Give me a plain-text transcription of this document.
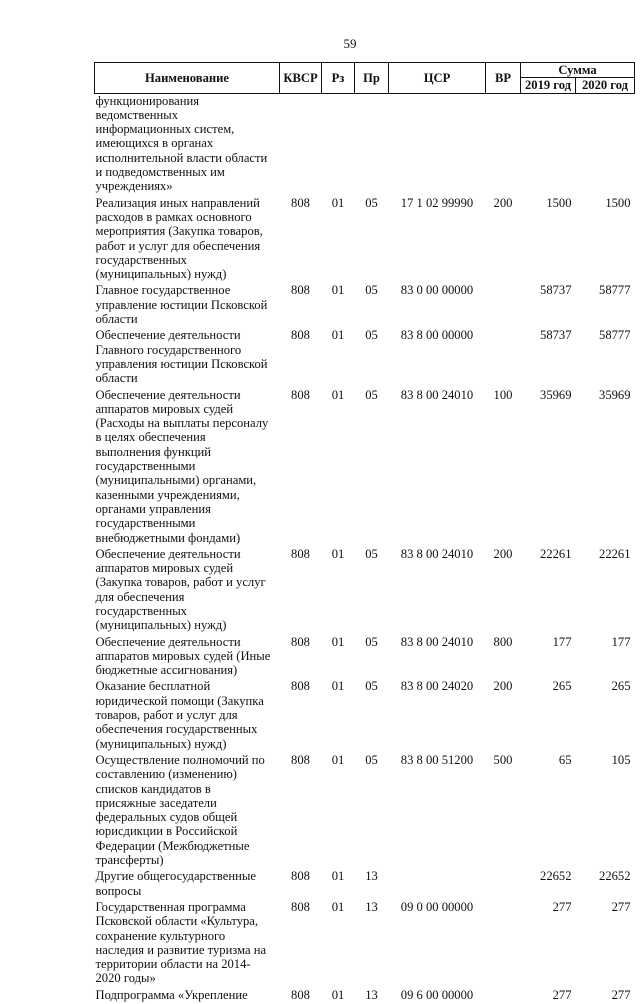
59
Наименование	КВСР	Рз	Пр	ЦСР	ВР	Сумма	
						2019 год	2020 год
функционирования ведомственных информационных систем, имеющихся в органах исполнительной власти области и подведомственных им учреждениях»							
Реализация иных направлений расходов в рамках основного мероприятия (Закупка товаров, работ и услуг для обеспечения государственных (муниципальных) нужд)	808	01	05	17 1 02 99990	200	1500	1500
Главное государственное управление юстиции Псковской области	808	01	05	83 0 00 00000		58737	58777
Обеспечение деятельности Главного государственного управления юстиции Псковской области	808	01	05	83 8 00 00000		58737	58777
Обеспечение деятельности аппаратов мировых судей (Расходы на выплаты персоналу в целях обеспечения выполнения функций государственными (муниципальными) органами, казенными учреждениями, органами управления государственными внебюджетными фондами)	808	01	05	83 8 00 24010	100	35969	35969
Обеспечение деятельности аппаратов мировых судей (Закупка товаров, работ и услуг для обеспечения государственных (муниципальных) нужд)	808	01	05	83 8 00 24010	200	22261	22261
Обеспечение деятельности аппаратов мировых судей (Иные бюджетные ассигнования)	808	01	05	83 8 00 24010	800	177	177
Оказание бесплатной юридической помощи (Закупка товаров, работ и услуг для обеспечения государственных (муниципальных) нужд)	808	01	05	83 8 00 24020	200	265	265
Осуществление полномочий по составлению (изменению) списков кандидатов в присяжные заседатели федеральных судов общей юрисдикции в Российской Федерации (Межбюджетные трансферты)	808	01	05	83 8 00 51200	500	65	105
Другие общегосударственные вопросы	808	01	13			22652	22652
Государственная программа Псковской области «Культура, сохранение культурного наследия и развитие туризма на территории области на 2014-2020 годы»	808	01	13	09 0 00 00000		277	277
Подпрограмма «Укрепление	808	01	13	09 6 00 00000		277	277
